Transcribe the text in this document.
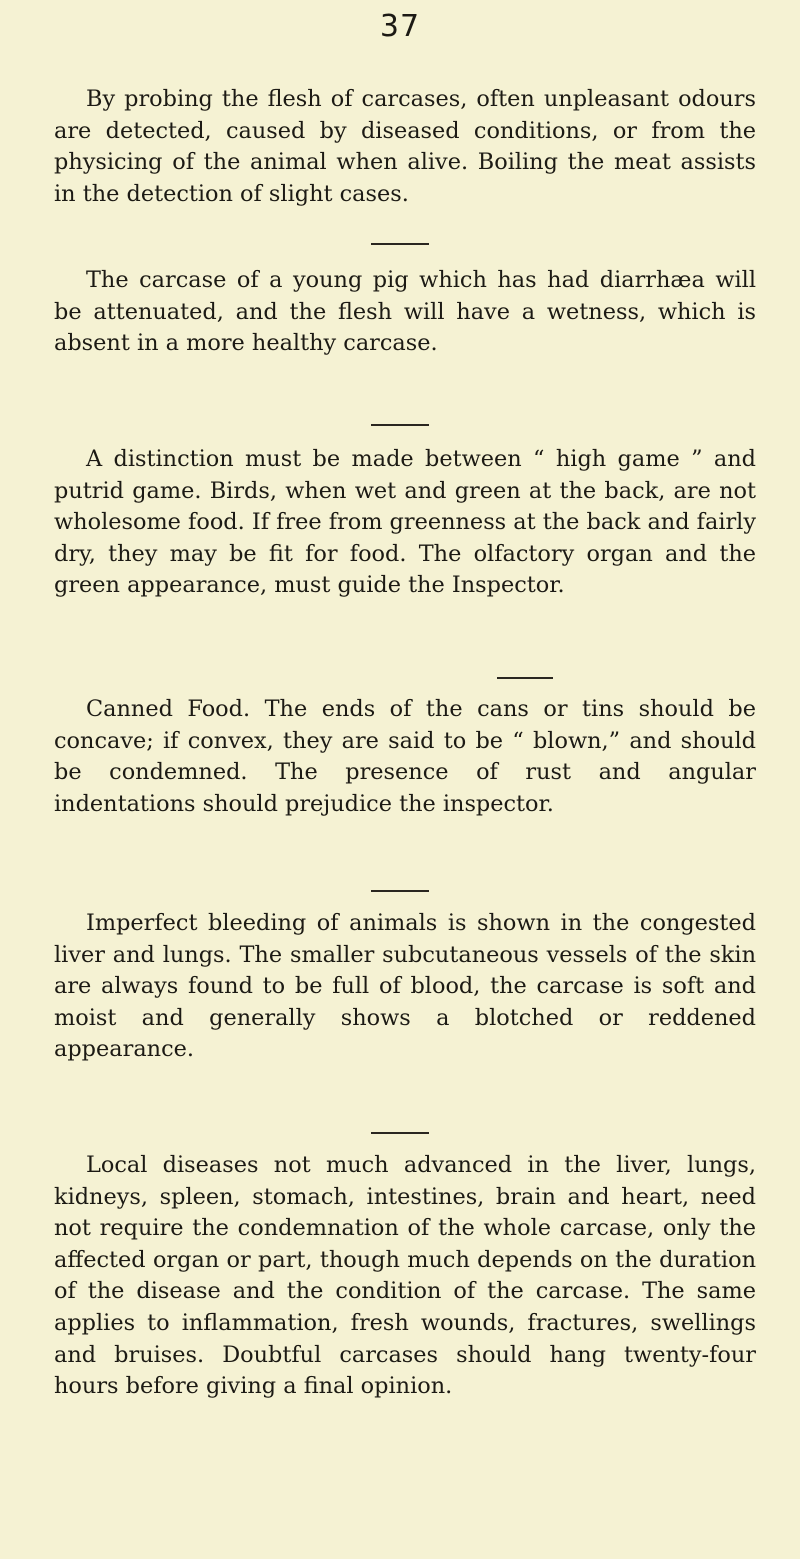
37

By probing the flesh of carcases, often unpleasant odours are detected, caused by diseased conditions, or from the physicing of the animal when alive. Boiling the meat assists in the detection of slight cases.

The carcase of a young pig which has had diarrhæa will be attenuated, and the flesh will have a wetness, which is absent in a more healthy carcase.

A distinction must be made between “ high game ” and putrid game. Birds, when wet and green at the back, are not wholesome food. If free from greenness at the back and fairly dry, they may be fit for food. The olfactory organ and the green appearance, must guide the Inspector.

Canned Food. The ends of the cans or tins should be concave; if convex, they are said to be “ blown,” and should be condemned. The presence of rust and angular indentations should prejudice the inspector.

Imperfect bleeding of animals is shown in the congested liver and lungs. The smaller subcutaneous vessels of the skin are always found to be full of blood, the carcase is soft and moist and generally shows a blotched or reddened appearance.

Local diseases not much advanced in the liver, lungs, kidneys, spleen, stomach, intestines, brain and heart, need not require the condemnation of the whole carcase, only the affected organ or part, though much depends on the duration of the disease and the condition of the carcase. The same applies to inflammation, fresh wounds, fractures, swellings and bruises. Doubtful carcases should hang twenty-four hours before giving a final opinion.
